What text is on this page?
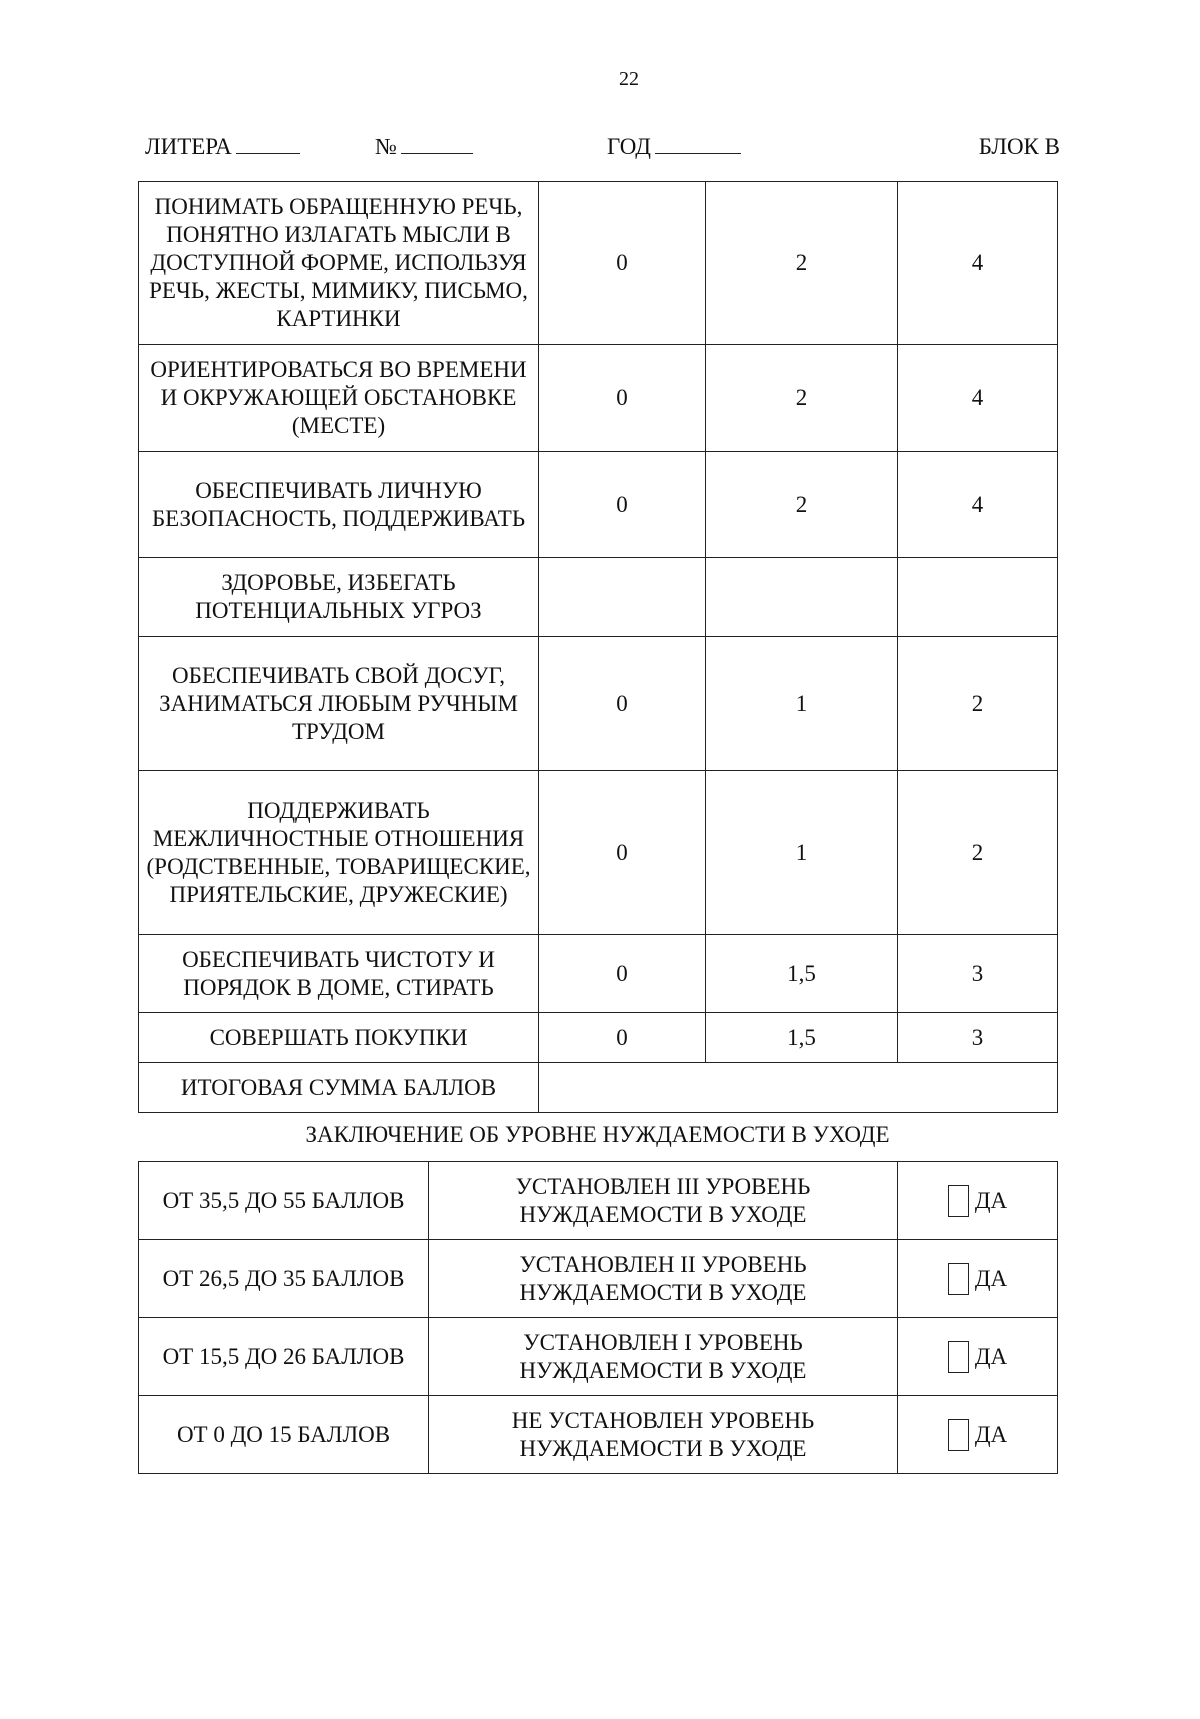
22
ЛИТЕРА	№	ГОД	БЛОК В
ПОНИМАТЬ ОБРАЩЕННУЮ РЕЧЬ, ПОНЯТНО ИЗЛАГАТЬ МЫСЛИ В ДОСТУПНОЙ ФОРМЕ, ИСПОЛЬЗУЯ РЕЧЬ, ЖЕСТЫ, МИМИКУ, ПИСЬМО, КАРТИНКИ	0	2	4
ОРИЕНТИРОВАТЬСЯ ВО ВРЕМЕНИ И ОКРУЖАЮЩЕЙ ОБСТАНОВКЕ (МЕСТЕ)	0	2	4
ОБЕСПЕЧИВАТЬ ЛИЧНУЮ БЕЗОПАСНОСТЬ, ПОДДЕРЖИВАТЬ	0	2	4
ЗДОРОВЬЕ, ИЗБЕГАТЬ ПОТЕНЦИАЛЬНЫХ УГРОЗ			
ОБЕСПЕЧИВАТЬ СВОЙ ДОСУГ, ЗАНИМАТЬСЯ ЛЮБЫМ РУЧНЫМ ТРУДОМ	0	1	2
ПОДДЕРЖИВАТЬ МЕЖЛИЧНОСТНЫЕ ОТНОШЕНИЯ (РОДСТВЕННЫЕ, ТОВАРИЩЕСКИЕ, ПРИЯТЕЛЬСКИЕ, ДРУЖЕСКИЕ)	0	1	2
ОБЕСПЕЧИВАТЬ ЧИСТОТУ И ПОРЯДОК В ДОМЕ, СТИРАТЬ	0	1,5	3
СОВЕРШАТЬ ПОКУПКИ	0	1,5	3
ИТОГОВАЯ СУММА БАЛЛОВ			
ЗАКЛЮЧЕНИЕ ОБ УРОВНЕ НУЖДАЕМОСТИ В УХОДЕ
ОТ 35,5 ДО 55 БАЛЛОВ	УСТАНОВЛЕН III УРОВЕНЬ НУЖДАЕМОСТИ В УХОДЕ	ДА
ОТ 26,5 ДО 35 БАЛЛОВ	УСТАНОВЛЕН II УРОВЕНЬ НУЖДАЕМОСТИ В УХОДЕ	ДА
ОТ 15,5 ДО 26 БАЛЛОВ	УСТАНОВЛЕН I УРОВЕНЬ НУЖДАЕМОСТИ В УХОДЕ	ДА
ОТ 0 ДО 15 БАЛЛОВ	НЕ УСТАНОВЛЕН УРОВЕНЬ НУЖДАЕМОСТИ В УХОДЕ	ДА
